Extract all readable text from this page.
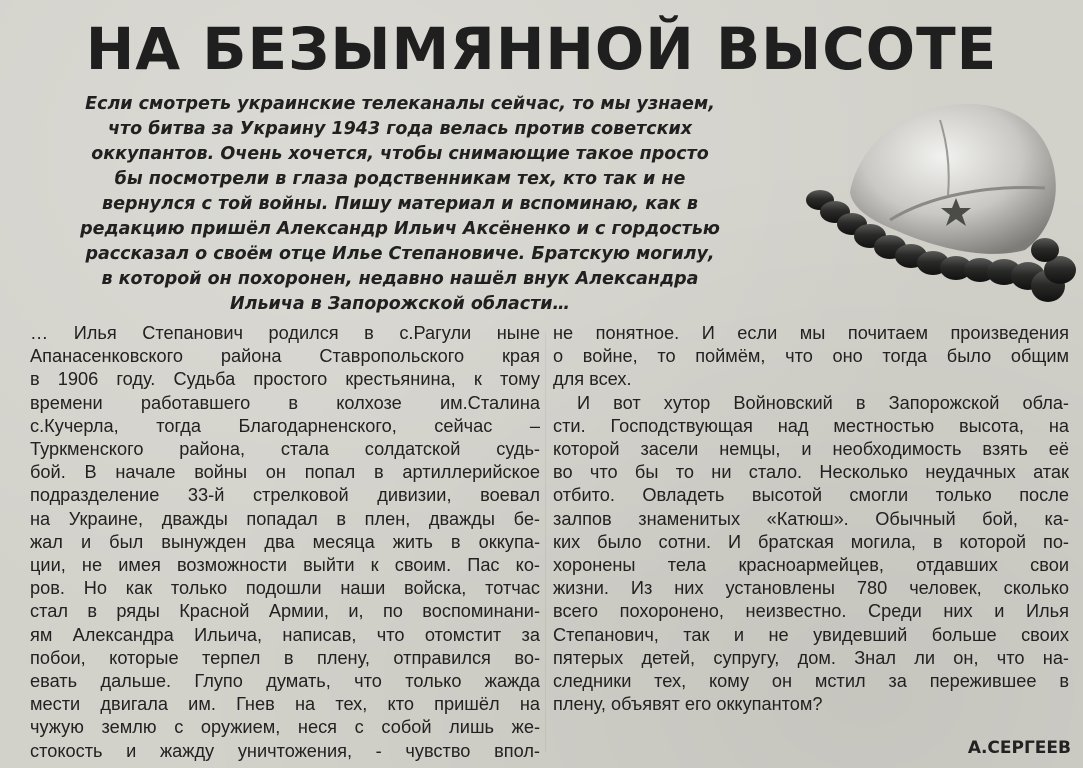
НА БЕЗЫМЯННОЙ ВЫСОТЕ
Если смотреть украинские телеканалы сейчас, то мы узнаем,
что битва за Украину 1943 года велась против советских
оккупантов. Очень хочется, чтобы снимающие такое просто
бы посмотрели в глаза родственникам тех, кто так и не
вернулся с той войны. Пишу материал и вспоминаю, как в
редакцию пришёл Александр Ильич Аксёненко и с гордостью
рассказал о своём отце Илье Степановиче. Братскую могилу,
в которой он похоронен, недавно нашёл внук Александра
Ильича в Запорожской области…
… Илья Степанович родился в с.Рагули ныне
Апанасенковского района Ставропольского края
в 1906 году. Судьба простого крестьянина, к тому
времени работавшего в колхозе им.Сталина
с.Кучерла, тогда Благодарненского, сейчас –
Туркменского района, стала солдатской судь-
бой. В начале войны он попал в артиллерийское
подразделение 33-й стрелковой дивизии, воевал
на Украине, дважды попадал в плен, дважды бе-
жал и был вынужден два месяца жить в оккупа-
ции, не имея возможности выйти к своим. Пас ко-
ров. Но как только подошли наши войска, тотчас
стал в ряды Красной Армии, и, по воспоминани-
ям Александра Ильича, написав, что отомстит за
побои, которые терпел в плену, отправился во-
евать дальше. Глупо думать, что только жажда
мести двигала им. Гнев на тех, кто пришёл на
чужую землю с оружием, неся с собой лишь же-
стокость и жажду уничтожения, - чувство впол-
не понятное. И если мы почитаем произведения
о войне, то поймём, что оно тогда было общим
для всех.
И вот хутор Войновский в Запорожской обла-
сти. Господствующая над местностью высота, на
которой засели немцы, и необходимость взять её
во что бы то ни стало. Несколько неудачных атак
отбито. Овладеть высотой смогли только после
залпов знаменитых «Катюш». Обычный бой, ка-
ких было сотни. И братская могила, в которой по-
хоронены тела красноармейцев, отдавших свои
жизни. Из них установлены 780 человек, сколько
всего похоронено, неизвестно. Среди них и Илья
Степанович, так и не увидевший больше своих
пятерых детей, супругу, дом. Знал ли он, что на-
следники тех, кому он мстил за пережившее в
плену, объявят его оккупантом?
А.СЕРГЕЕВ
